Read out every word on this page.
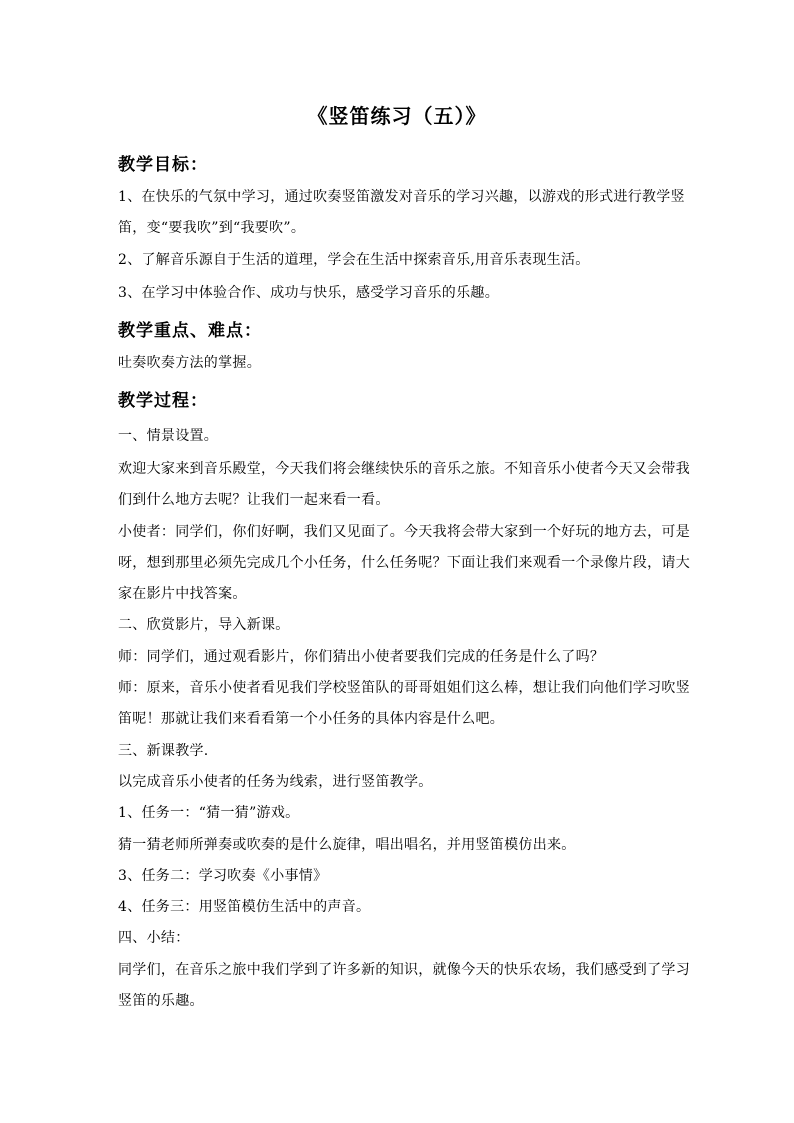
《竖笛练习（五）》
教学目标：
1、在快乐的气氛中学习，通过吹奏竖笛激发对音乐的学习兴趣，以游戏的形式进行教学竖
笛，变“要我吹”到“我要吹”。
2、了解音乐源自于生活的道理，学会在生活中探索音乐,用音乐表现生活。
3、在学习中体验合作、成功与快乐，感受学习音乐的乐趣。
教学重点、难点：
吐奏吹奏方法的掌握。
教学过程：
一、情景设置。
欢迎大家来到音乐殿堂，今天我们将会继续快乐的音乐之旅。不知音乐小使者今天又会带我
们到什么地方去呢？让我们一起来看一看。
小使者：同学们，你们好啊，我们又见面了。今天我将会带大家到一个好玩的地方去，可是
呀，想到那里必须先完成几个小任务，什么任务呢？下面让我们来观看一个录像片段，请大
家在影片中找答案。
二、欣赏影片，导入新课。
师：同学们，通过观看影片，你们猜出小使者要我们完成的任务是什么了吗？
师：原来，音乐小使者看见我们学校竖笛队的哥哥姐姐们这么棒，想让我们向他们学习吹竖
笛呢！那就让我们来看看第一个小任务的具体内容是什么吧。
三、新课教学.
以完成音乐小使者的任务为线索，进行竖笛教学。
1、任务一：“猜一猜”游戏。
猜一猜老师所弹奏或吹奏的是什么旋律，唱出唱名，并用竖笛模仿出来。
3、任务二：学习吹奏《小事情》
4、任务三：用竖笛模仿生活中的声音。
四、小结：
同学们，在音乐之旅中我们学到了许多新的知识，就像今天的快乐农场，我们感受到了学习
竖笛的乐趣。
